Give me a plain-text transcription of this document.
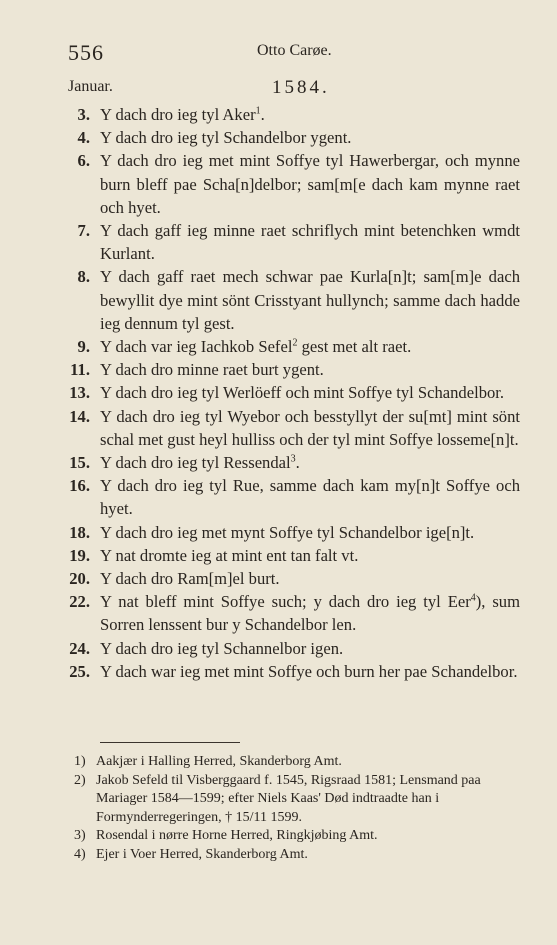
556	Otto Carøe.
Januar.	1584.
3. Y dach dro ieg tyl Aker$^1$.
4. Y dach dro ieg tyl Schandelbor ygent.
6. Y dach dro ieg met mint Soffye tyl Hawerbergar, och mynne burn bleff pae Scha[n]delbor; sam[m[e dach kam mynne raet och hyet.
7. Y dach gaff ieg minne raet schriflych mint betenchken wmdt Kurlant.
8. Y dach gaff raet mech schwar pae Kurla[n]t; sam[m]e dach bewyllit dye mint sönt Crisstyant hullynch; samme dach hadde ieg dennum tyl gest.
9. Y dach var ieg Iachkob Sefel$^2$ gest met alt raet.
11. Y dach dro minne raet burt ygent.
13. Y dach dro ieg tyl Werlöeff och mint Soffye tyl Schandelbor.
14. Y dach dro ieg tyl Wyebor och besstyllyt der su[mt] mint sönt schal met gust heyl hulliss och der tyl mint Soffye losseme[n]t.
15. Y dach dro ieg tyl Ressendal$^3$.
16. Y dach dro ieg tyl Rue, samme dach kam my[n]t Soffye och hyet.
18. Y dach dro ieg met mynt Soffye tyl Schandelbor ige[n]t.
19. Y nat dromte ieg at mint ent tan falt vt.
20. Y dach dro Ram[m]el burt.
22. Y nat bleff mint Soffye such; y dach dro ieg tyl Eer$^4$), sum Sorren lenssent bur y Schandelbor len.
24. Y dach dro ieg tyl Schannelbor igen.
25. Y dach war ieg met mint Soffye och burn her pae Schandelbor.
1) Aakjær i Halling Herred, Skanderborg Amt.
2) Jakob Sefeld til Visberggaard f. 1545, Rigsraad 1581; Lensmand paa Mariager 1584—1599; efter Niels Kaas' Død indtraadte han i Formynderregeringen, † 15/11 1599.
3) Rosendal i nørre Horne Herred, Ringkjøbing Amt.
4) Ejer i Voer Herred, Skanderborg Amt.
